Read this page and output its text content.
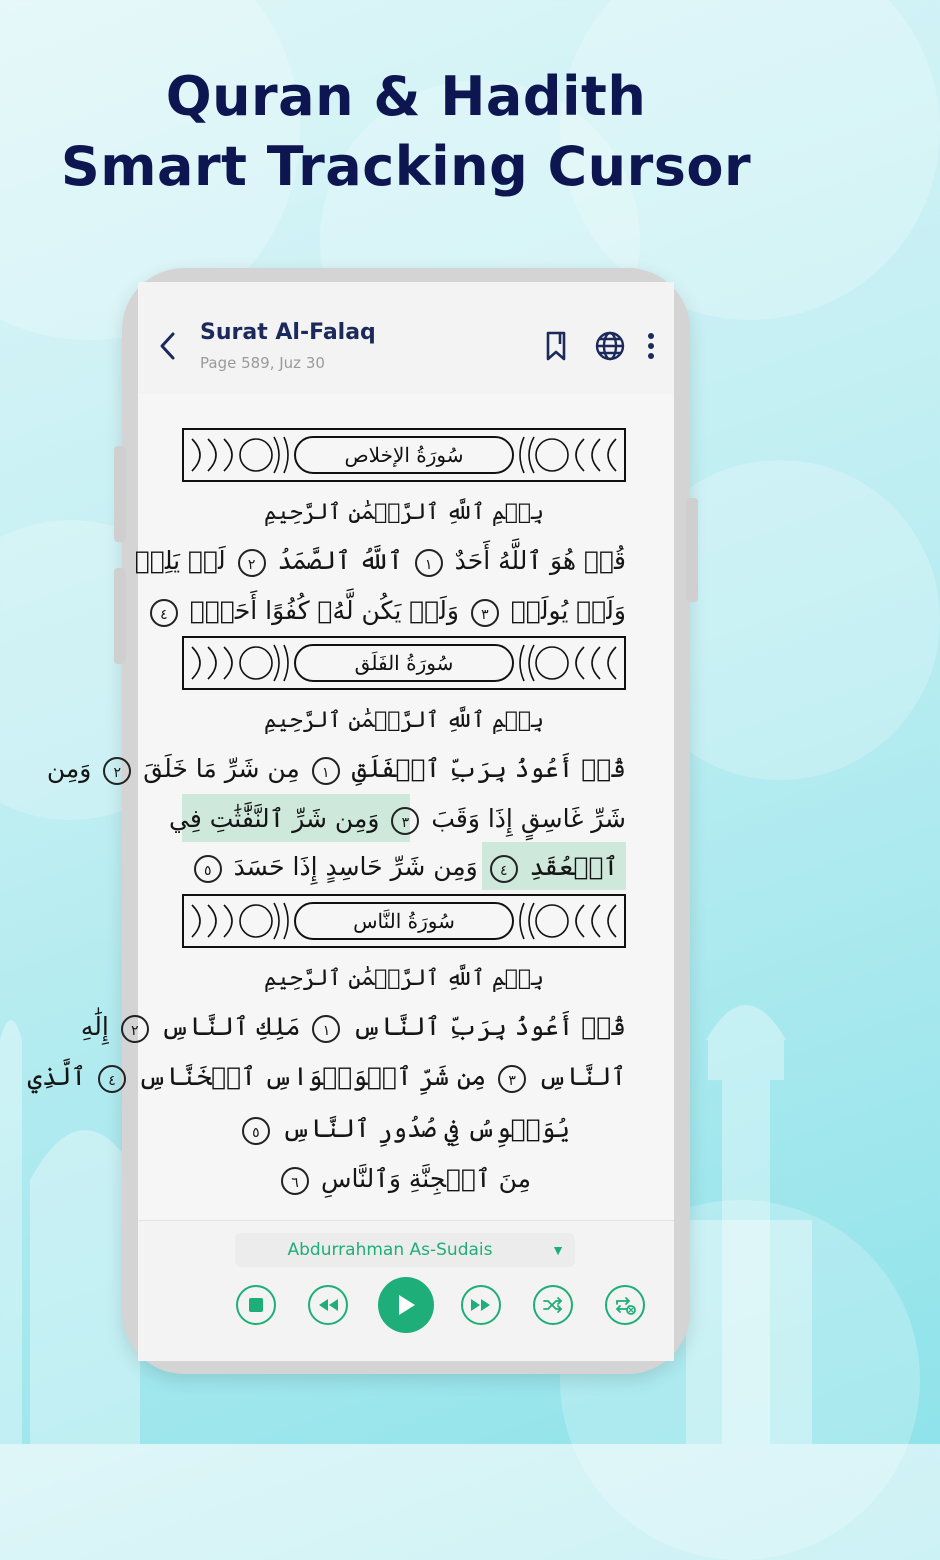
Quran & Hadith
Smart Tracking Cursor
Surat Al-Falaq
Page 589, Juz 30
سُورَةُ الإخلاص
بِسۡمِ ٱللَّهِ ٱلرَّحۡمَٰنِ ٱلرَّحِيمِ
قُلۡ هُوَ ٱللَّهُ أَحَدٌ ١ ٱللَّهُ ٱلصَّمَدُ ٢ لَمۡ يَلِدۡ
وَلَمۡ يُولَدۡ ٣ وَلَمۡ يَكُن لَّهُۥ كُفُوًا أَحَدُۢ ٤
سُورَةُ الفَلَق
بِسۡمِ ٱللَّهِ ٱلرَّحۡمَٰنِ ٱلرَّحِيمِ
قُلۡ أَعُوذُ بِرَبِّ ٱلۡفَلَقِ ١ مِن شَرِّ مَا خَلَقَ ٢ وَمِن
شَرِّ غَاسِقٍ إِذَا وَقَبَ ٣ وَمِن شَرِّ ٱلنَّفَّٰثَٰتِ فِي
ٱلۡعُقَدِ ٤ وَمِن شَرِّ حَاسِدٍ إِذَا حَسَدَ ٥
سُورَةُ النَّاس
بِسۡمِ ٱللَّهِ ٱلرَّحۡمَٰنِ ٱلرَّحِيمِ
قُلۡ أَعُوذُ بِرَبِّ ٱلنَّاسِ ١ مَلِكِ ٱلنَّاسِ ٢ إِلَٰهِ
ٱلنَّاسِ ٣ مِن شَرِّ ٱلۡوَسۡوَاسِ ٱلۡخَنَّاسِ ٤ ٱلَّذِي
يُوَسۡوِسُ فِي صُدُورِ ٱلنَّاسِ ٥
مِنَ ٱلۡجِنَّةِ وَٱلنَّاسِ ٦
Abdurrahman As-Sudais	▼
